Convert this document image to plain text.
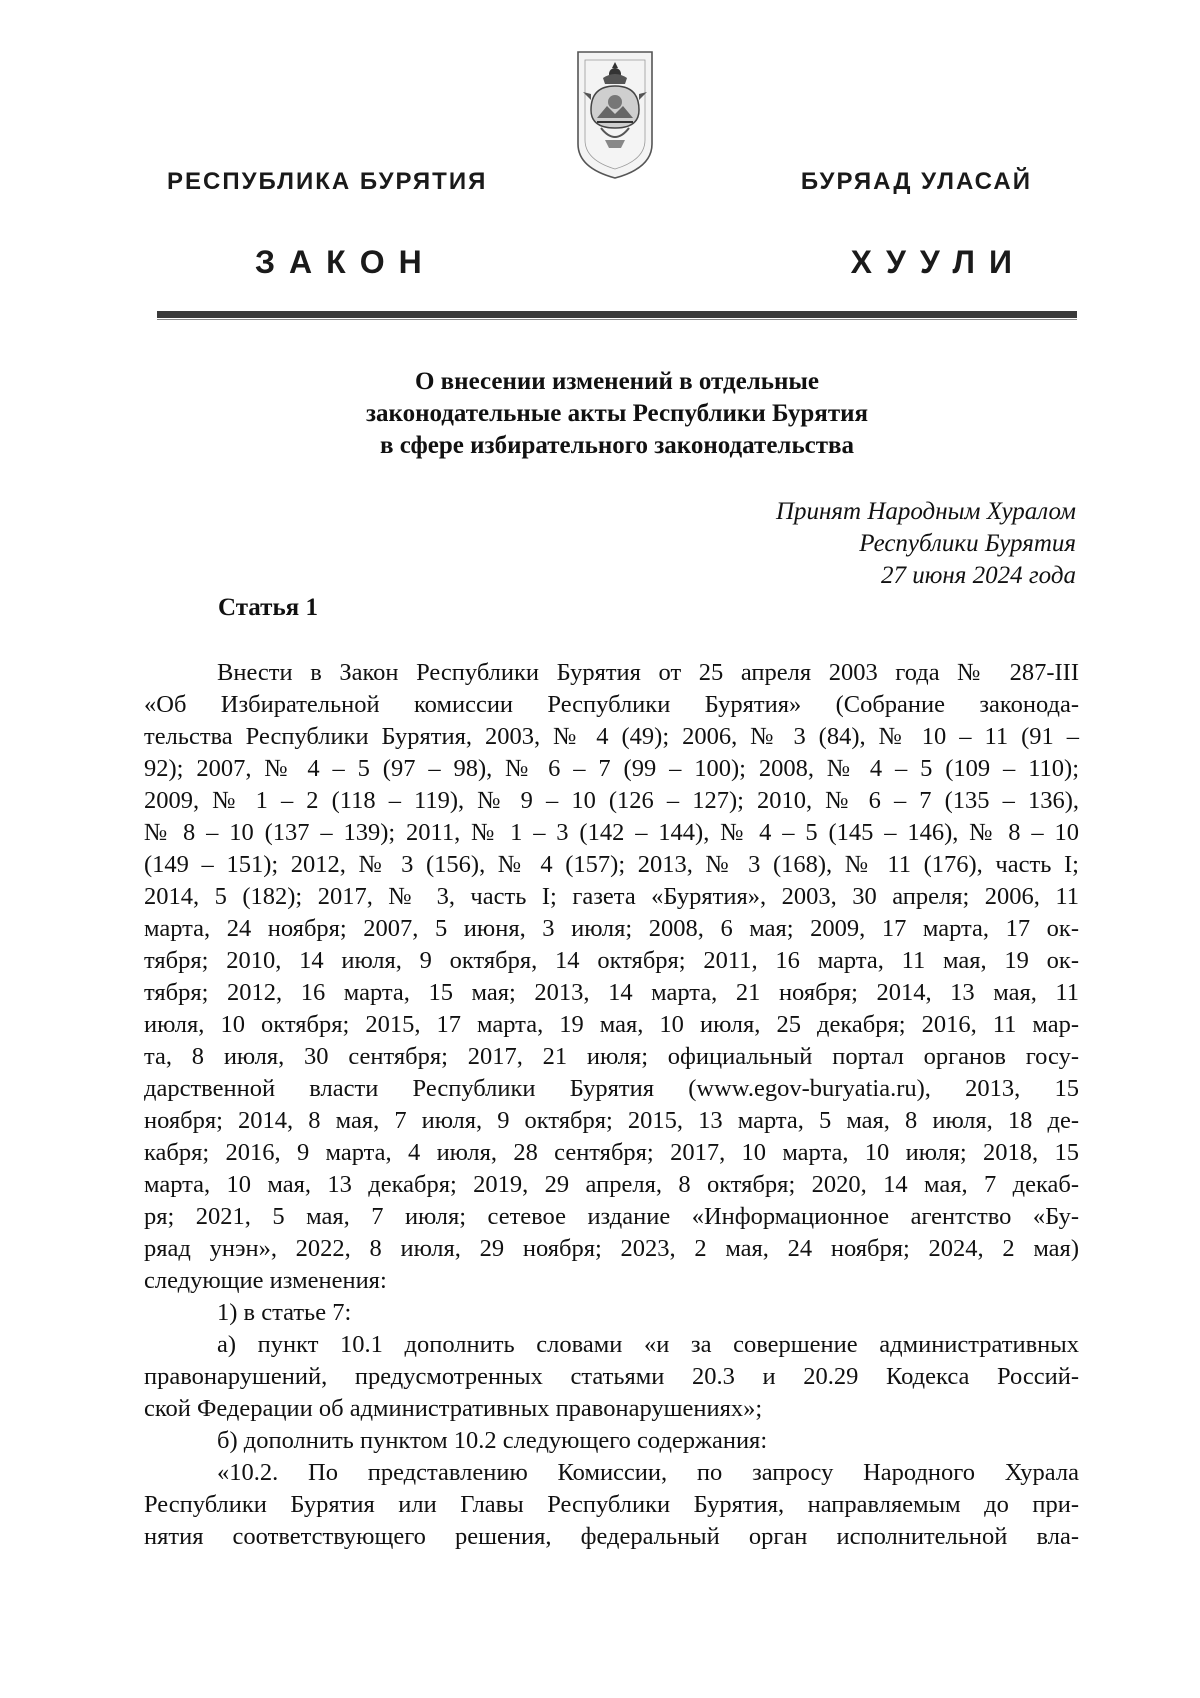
РЕСПУБЛИКА БУРЯТИЯ	БУРЯАД УЛАСАЙ
ЗАКОН	ХУУЛИ
О внесении изменений в отдельные
законодательные акты Республики Бурятия
в сфере избирательного законодательства
Принят Народным Хуралом
Республики Бурятия
27 июня 2024 года
Статья 1
Внести в Закон Республики Бурятия от 25 апреля 2003 года № 287-III
«Об Избирательной комиссии Республики Бурятия» (Собрание законода-
тельства Республики Бурятия, 2003, № 4 (49); 2006, № 3 (84), № 10 – 11 (91 –
92); 2007, № 4 – 5 (97 – 98), № 6 – 7 (99 – 100); 2008, № 4 – 5 (109 – 110);
2009, № 1 – 2 (118 – 119), № 9 – 10 (126 – 127); 2010, № 6 – 7 (135 – 136),
№ 8 – 10 (137 – 139); 2011, № 1 – 3 (142 – 144), № 4 – 5 (145 – 146), № 8 – 10
(149 – 151); 2012, № 3 (156), № 4 (157); 2013, № 3 (168), № 11 (176), часть I;
2014, 5 (182); 2017, № 3, часть I; газета «Бурятия», 2003, 30 апреля; 2006, 11
марта, 24 ноября; 2007, 5 июня, 3 июля; 2008, 6 мая; 2009, 17 марта, 17 ок-
тября; 2010, 14 июля, 9 октября, 14 октября; 2011, 16 марта, 11 мая, 19 ок-
тября; 2012, 16 марта, 15 мая; 2013, 14 марта, 21 ноября; 2014, 13 мая, 11
июля, 10 октября; 2015, 17 марта, 19 мая, 10 июля, 25 декабря; 2016, 11 мар-
та, 8 июля, 30 сентября; 2017, 21 июля; официальный портал органов госу-
дарственной власти Республики Бурятия (www.egov-buryatia.ru), 2013, 15
ноября; 2014, 8 мая, 7 июля, 9 октября; 2015, 13 марта, 5 мая, 8 июля, 18 де-
кабря; 2016, 9 марта, 4 июля, 28 сентября; 2017, 10 марта, 10 июля; 2018, 15
марта, 10 мая, 13 декабря; 2019, 29 апреля, 8 октября; 2020, 14 мая, 7 декаб-
ря; 2021, 5 мая, 7 июля; сетевое издание «Информационное агентство «Бу-
ряад унэн», 2022, 8 июля, 29 ноября; 2023, 2 мая, 24 ноября; 2024, 2 мая)
следующие изменения:
1) в статье 7:
а) пункт 10.1 дополнить словами «и за совершение административных
правонарушений, предусмотренных статьями 20.3 и 20.29 Кодекса Россий-
ской Федерации об административных правонарушениях»;
б) дополнить пунктом 10.2 следующего содержания:
«10.2. По представлению Комиссии, по запросу Народного Хурала
Республики Бурятия или Главы Республики Бурятия, направляемым до при-
нятия соответствующего решения, федеральный орган исполнительной вла-
